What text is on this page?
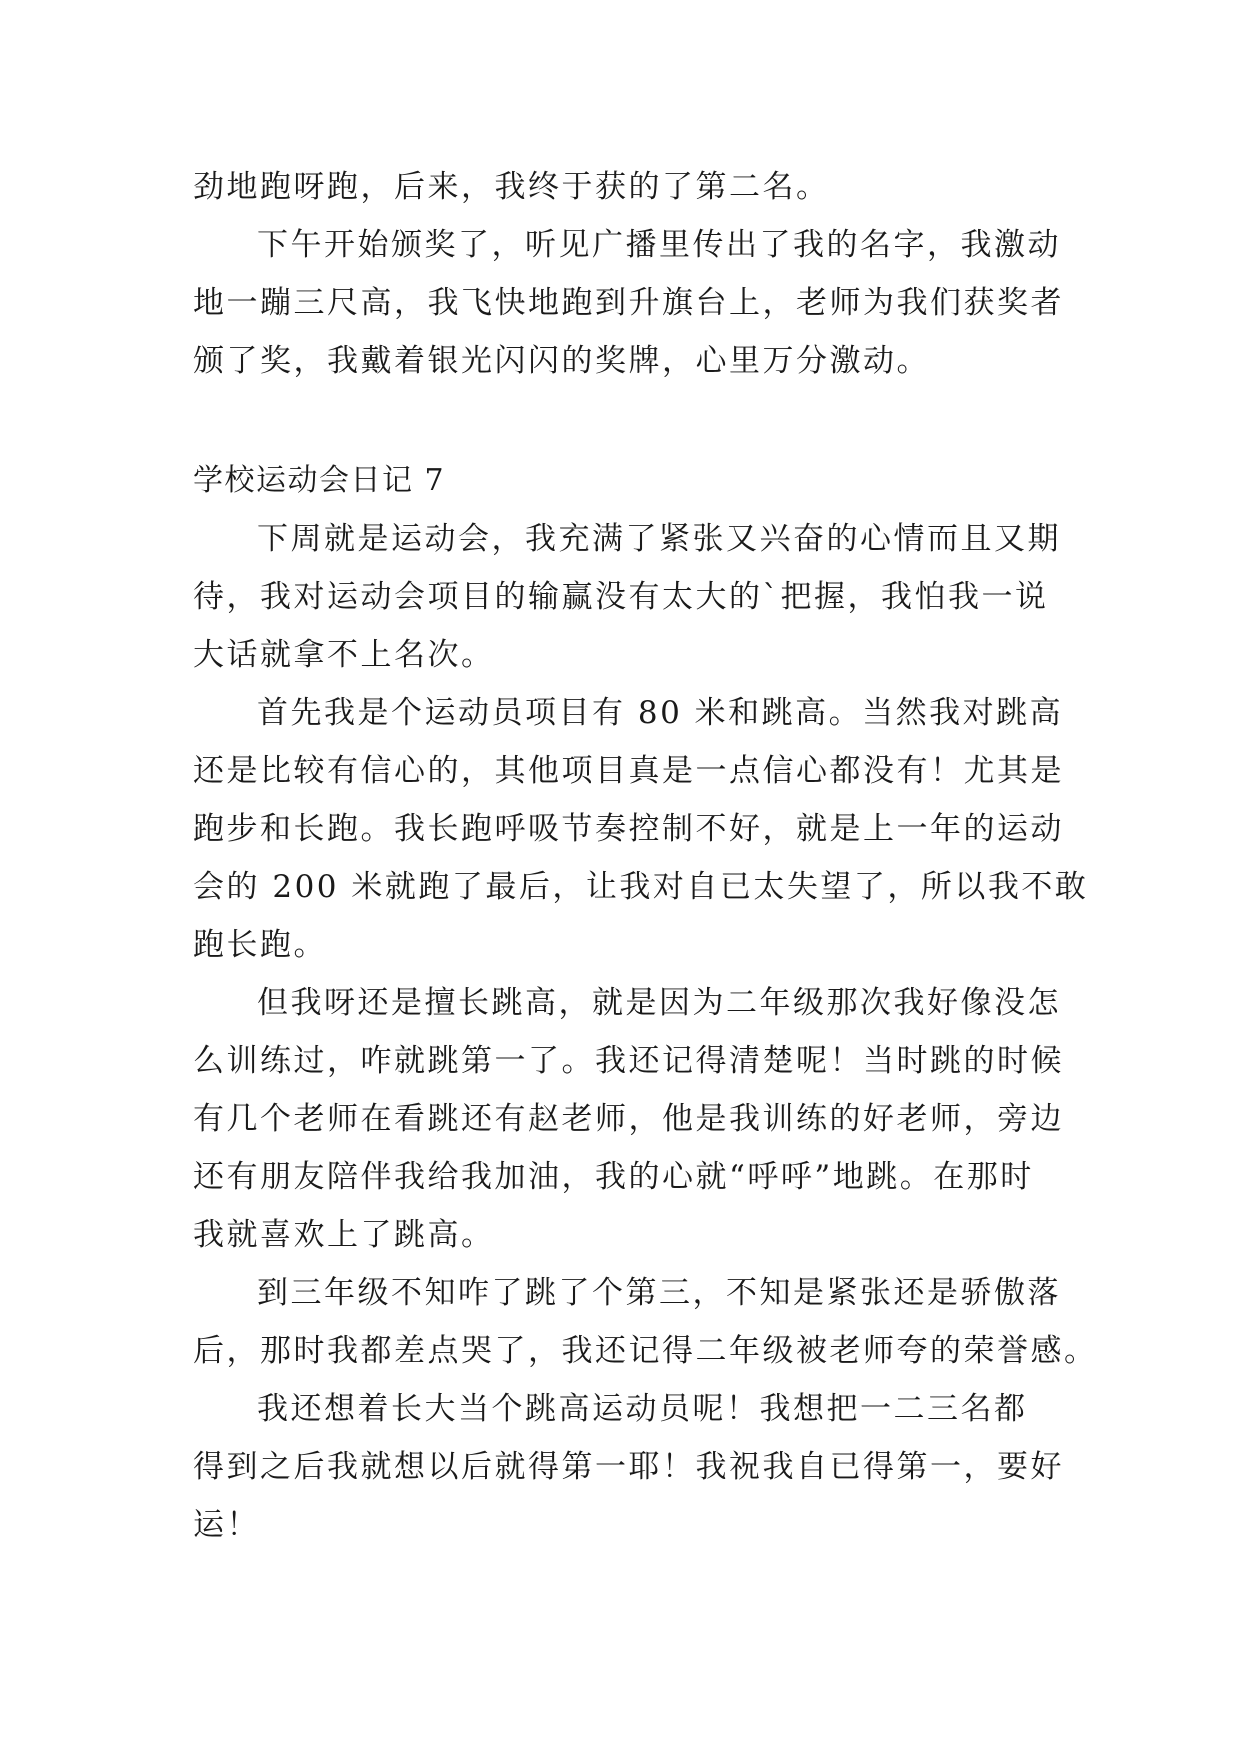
劲地跑呀跑，后来，我终于获的了第二名。
下午开始颁奖了，听见广播里传出了我的名字，我激动
地一蹦三尺高，我飞快地跑到升旗台上，老师为我们获奖者
颁了奖，我戴着银光闪闪的奖牌，心里万分激动。
学校运动会日记 7
下周就是运动会，我充满了紧张又兴奋的心情而且又期
待，我对运动会项目的输赢没有太大的`把握，我怕我一说
大话就拿不上名次。
首先我是个运动员项目有 80 米和跳高。当然我对跳高
还是比较有信心的，其他项目真是一点信心都没有！尤其是
跑步和长跑。我长跑呼吸节奏控制不好，就是上一年的运动
会的 200 米就跑了最后，让我对自已太失望了，所以我不敢
跑长跑。
但我呀还是擅长跳高，就是因为二年级那次我好像没怎
么训练过，咋就跳第一了。我还记得清楚呢！当时跳的时候
有几个老师在看跳还有赵老师，他是我训练的好老师，旁边
还有朋友陪伴我给我加油，我的心就“呼呼”地跳。在那时
我就喜欢上了跳高。
到三年级不知咋了跳了个第三，不知是紧张还是骄傲落
后，那时我都差点哭了，我还记得二年级被老师夸的荣誉感。
我还想着长大当个跳高运动员呢！我想把一二三名都
得到之后我就想以后就得第一耶！我祝我自已得第一，要好
运！
